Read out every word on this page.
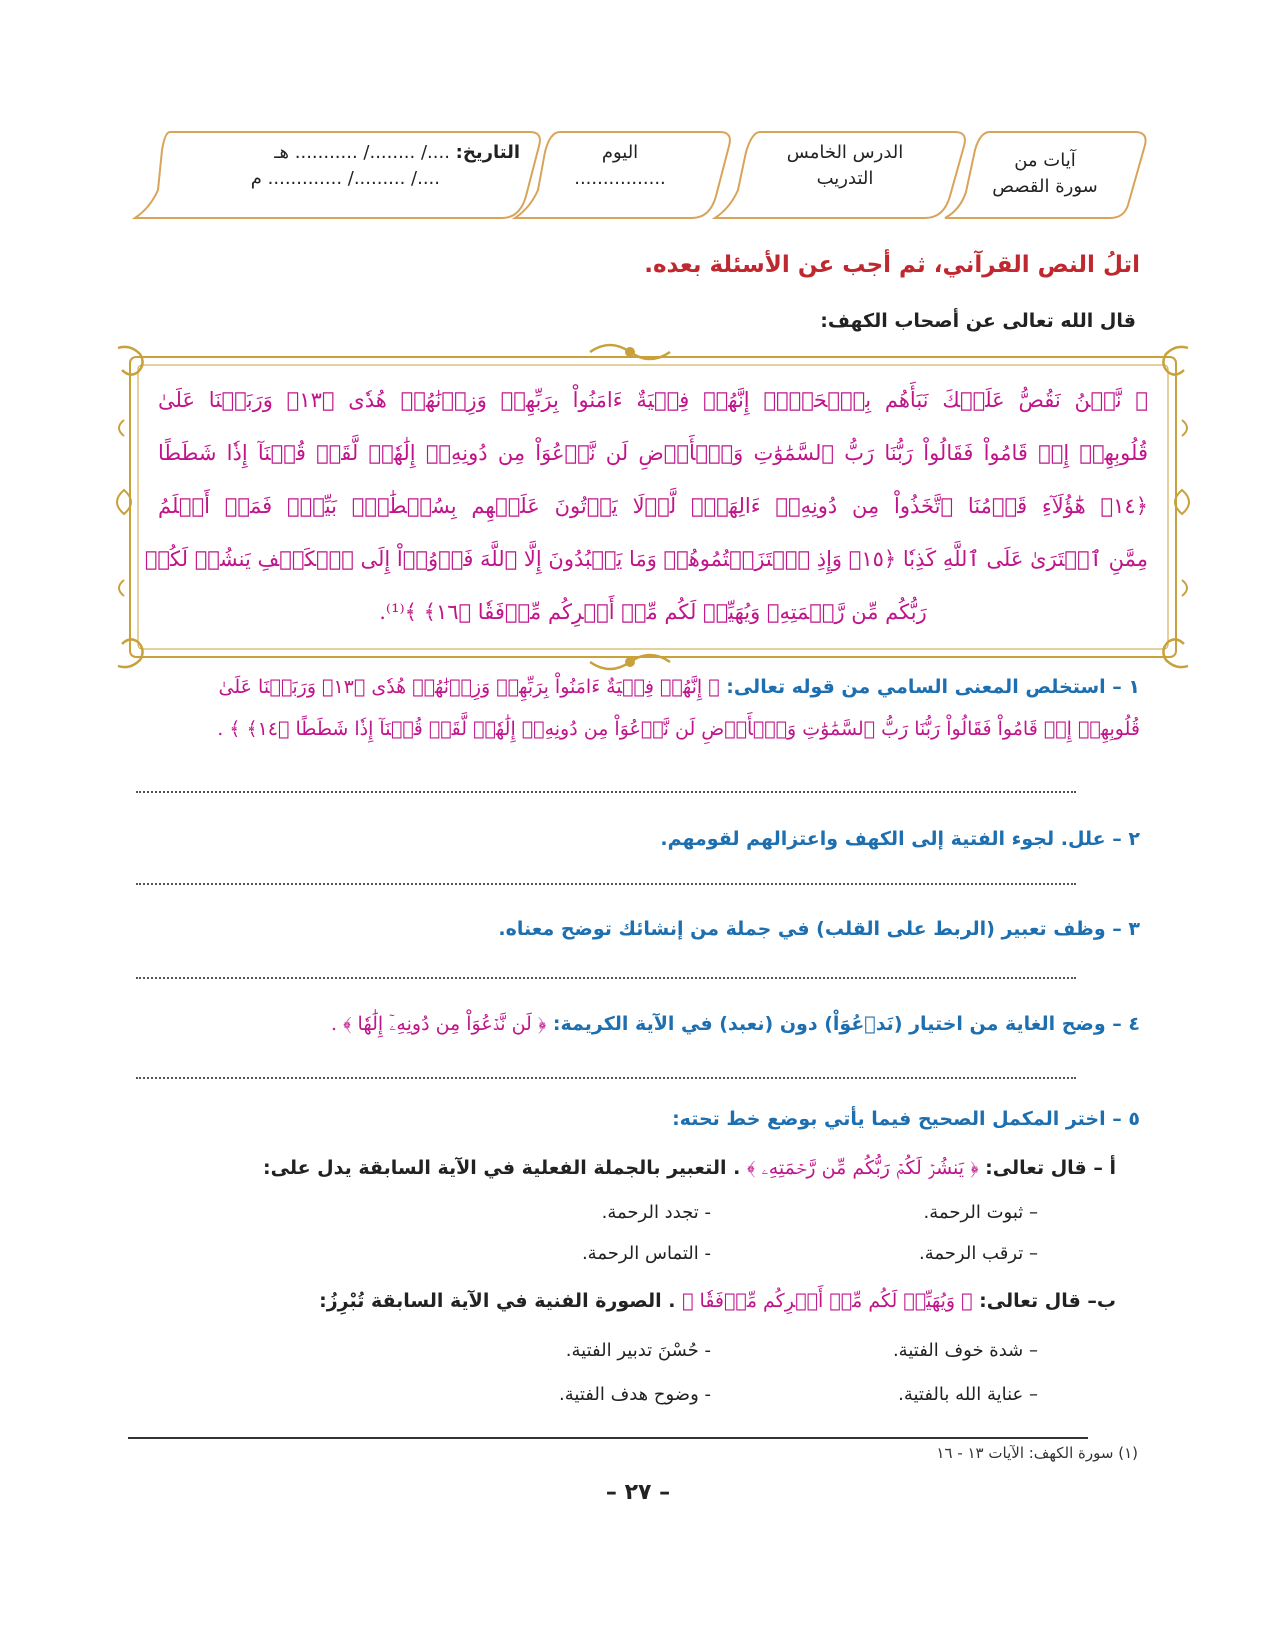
آيات من
سورة القصص
الدرس الخامس
التدريب
اليوم
................
التاريخ: ..../ ......../ ........... هـ
..../ ........./ ............. م
اتلُ النص القرآني، ثم أجب عن الأسئلة بعده.
قال الله تعالى عن أصحاب الكهف:
﴿ نَّحۡنُ نَقُصُّ عَلَيۡكَ نَبَأَهُم بِٱلۡحَقِّۚ إِنَّهُمۡ فِتۡيَةٌ ءَامَنُواْ بِرَبِّهِمۡ وَزِدۡنَٰهُمۡ هُدٗى ﴿١٣﴾ وَرَبَطۡنَا عَلَىٰ
قُلُوبِهِمۡ إِذۡ قَامُواْ فَقَالُواْ رَبُّنَا رَبُّ ٱلسَّمَٰوَٰتِ وَٱلۡأَرۡضِ لَن نَّدۡعُوَاْ مِن دُونِهِۦٓ إِلَٰهٗاۖ لَّقَدۡ قُلۡنَآ إِذٗا شَطَطًا
﴿١٤﴾ هَٰٓؤُلَآءِ قَوۡمُنَا ٱتَّخَذُواْ مِن دُونِهِۦٓ ءَالِهَةٗۖ لَّوۡلَا يَأۡتُونَ عَلَيۡهِم بِسُلۡطَٰنِۢ بَيِّنٖۖ فَمَنۡ أَظۡلَمُ
مِمَّنِ ٱفۡتَرَىٰ عَلَى ٱللَّهِ كَذِبٗا ﴿١٥﴾ وَإِذِ ٱعۡتَزَلۡتُمُوهُمۡ وَمَا يَعۡبُدُونَ إِلَّا ٱللَّهَ فَأۡوُۥٓاْ إِلَى ٱلۡكَهۡفِ يَنشُرۡ لَكُمۡ
رَبُّكُم مِّن رَّحۡمَتِهِۦ وَيُهَيِّئۡ لَكُم مِّنۡ أَمۡرِكُم مِّرۡفَقٗا ﴿١٦﴾ ﴾⁽¹⁾.
١ – استخلص المعنى السامي من قوله تعالى: ﴿ إِنَّهُمۡ فِتۡيَةٌ ءَامَنُواْ بِرَبِّهِمۡ وَزِدۡنَٰهُمۡ هُدٗى ﴿١٣﴾ وَرَبَطۡنَا عَلَىٰ
قُلُوبِهِمۡ إِذۡ قَامُواْ فَقَالُواْ رَبُّنَا رَبُّ ٱلسَّمَٰوَٰتِ وَٱلۡأَرۡضِ لَن نَّدۡعُوَاْ مِن دُونِهِۦٓ إِلَٰهٗاۖ لَّقَدۡ قُلۡنَآ إِذٗا شَطَطًا ﴿١٤﴾ ﴾ .
٢ – علل. لجوء الفتية إلى الكهف واعتزالهم لقومهم.
٣ – وظف تعبير (الربط على القلب) في جملة من إنشائك توضح معناه.
٤ – وضح الغاية من اختيار (نَدۡعُوَاْ) دون (نعبد) في الآية الكريمة: ﴿ لَن نَّدۡعُوَاْ مِن دُونِهِۦٓ إِلَٰهٗا ﴾ .
٥ – اختر المكمل الصحيح فيما يأتي بوضع خط تحته:
أ – قال تعالى: ﴿ يَنشُرۡ لَكُمۡ رَبُّكُم مِّن رَّحۡمَتِهِۦ ﴾ . التعبير بالجملة الفعلية في الآية السابقة يدل على:
– ثبوت الرحمة.
- تجدد الرحمة.
– ترقب الرحمة.
- التماس الرحمة.
ب– قال تعالى: ﴿ وَيُهَيِّئۡ لَكُم مِّنۡ أَمۡرِكُم مِّرۡفَقٗا ﴾ . الصورة الفنية في الآية السابقة تُبْرِزُ:
– شدة خوف الفتية.
- حُسْنَ تدبير الفتية.
– عناية الله بالفتية.
- وضوح هدف الفتية.
(١) سورة الكهف: الآيات ١٣ - ١٦
– ٢٧ –
